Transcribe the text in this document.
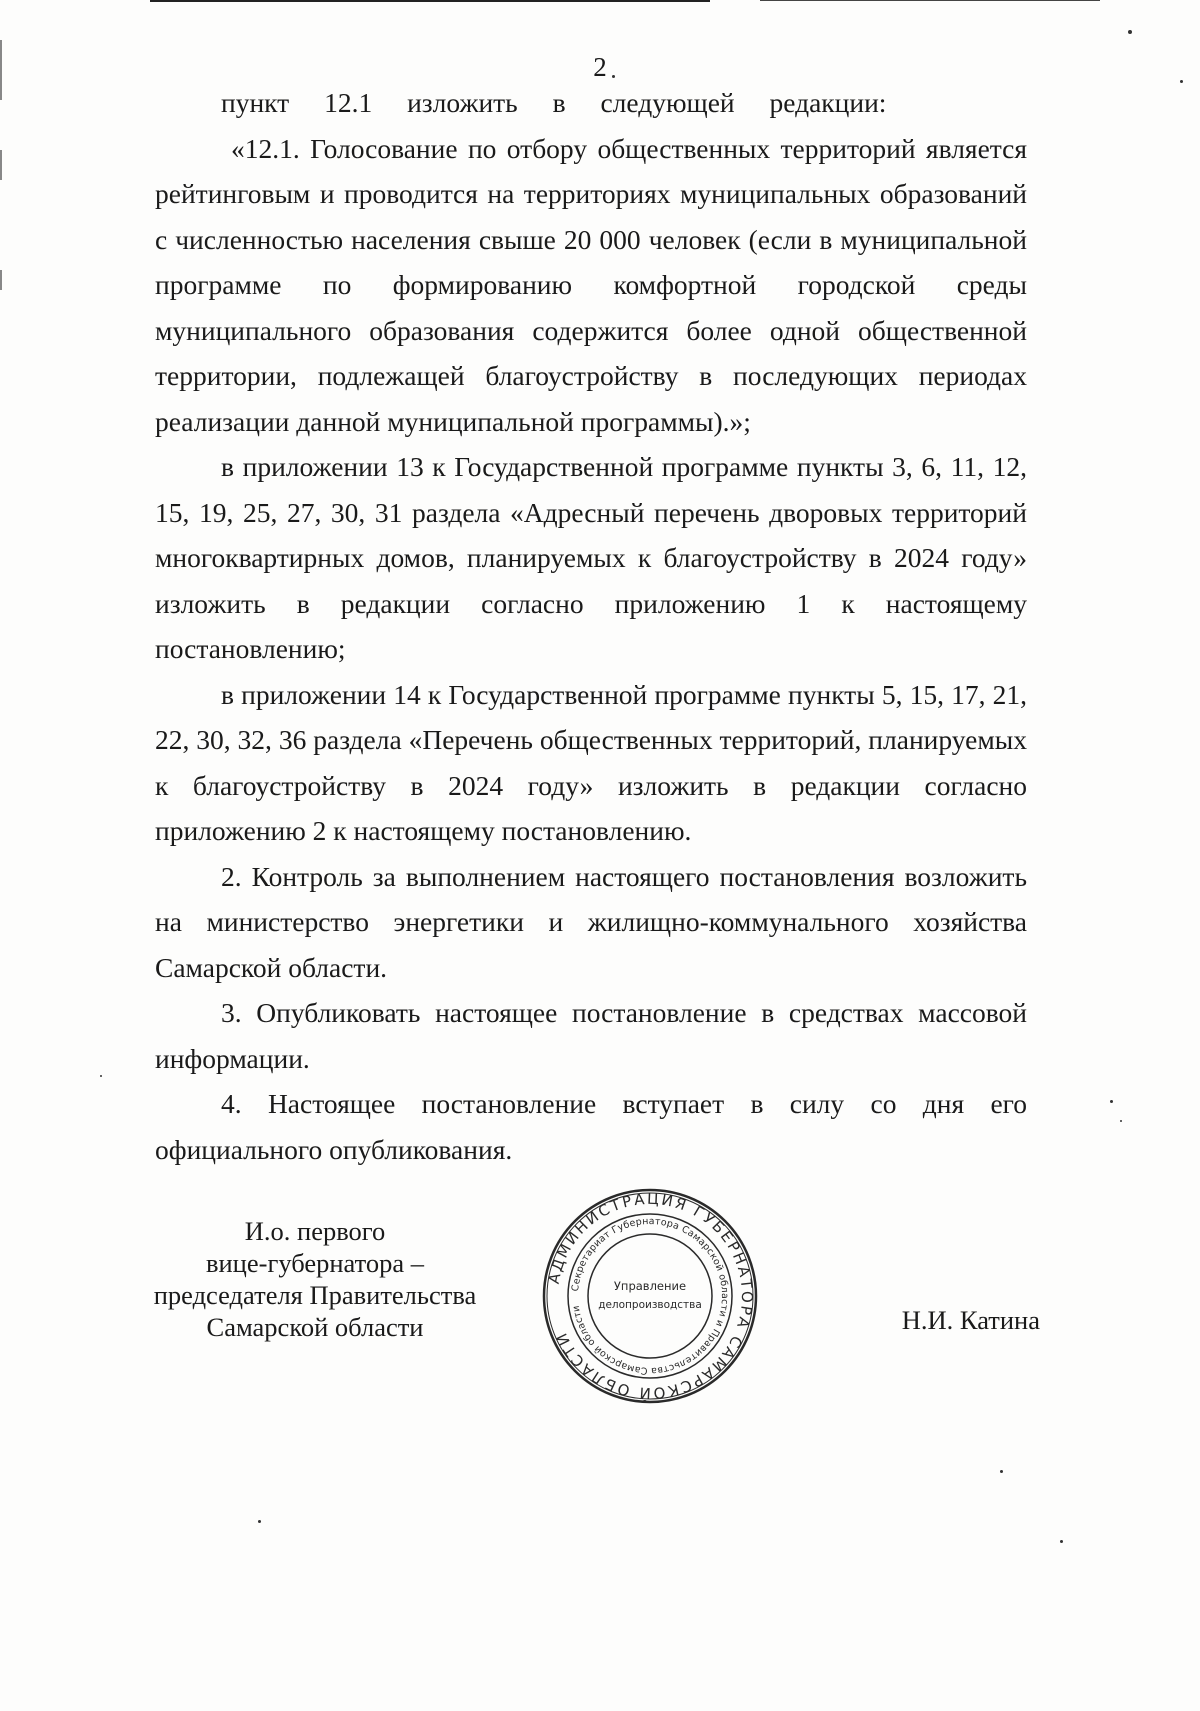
2

пункт 12.1 изложить в следующей редакции:

«12.1. Голосование по отбору общественных территорий является рейтинговым и проводится на территориях муниципальных образований с численностью населения свыше 20 000 человек (если в муниципальной программе по формированию комфортной городской среды муниципального образования содержится более одной общественной территории, подлежащей благоустройству в последующих периодах реализации данной муниципальной программы).»;

в приложении 13 к Государственной программе пункты 3, 6, 11, 12, 15, 19, 25, 27, 30, 31 раздела «Адресный перечень дворовых территорий многоквартирных домов, планируемых к благоустройству в 2024 году» изложить в редакции согласно приложению 1 к настоящему постановлению;

в приложении 14 к Государственной программе пункты 5, 15, 17, 21, 22, 30, 32, 36 раздела «Перечень общественных территорий, планируемых к благоустройству в 2024 году» изложить в редакции согласно приложению 2 к настоящему постановлению.

2. Контроль за выполнением настоящего постановления возложить на министерство энергетики и жилищно-коммунального хозяйства Самарской области.

3. Опубликовать настоящее постановление в средствах массовой информации.

4. Настоящее постановление вступает в силу со дня его официального опубликования.

И.о. первого
вице-губернатора –
председателя Правительства
Самарской области
АДМИНИСТРАЦИЯ ГУБЕРНАТОРА САМАРСКОЙ ОБЛАСТИ
Секретариат Губернатора Самарской области и Правительства Самарской области
Управление
делопроизводства	Н.И. Катина
